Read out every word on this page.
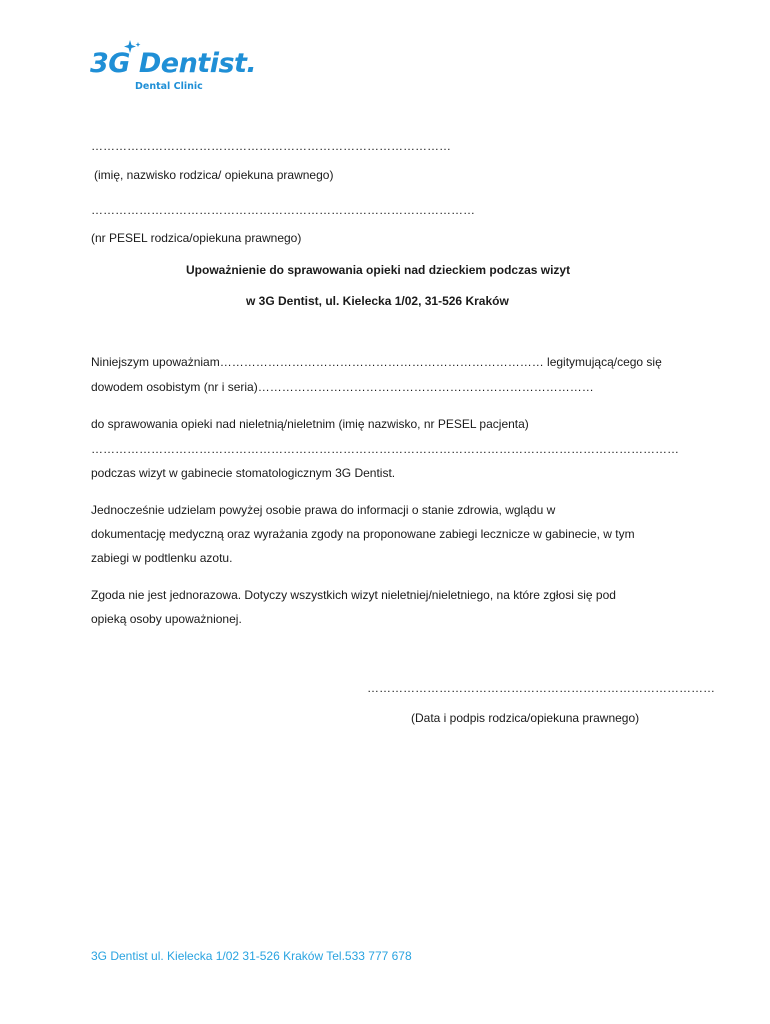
3G Dentist.

Dental Clinic

………………………………………………………………………………

(imię, nazwisko rodzica/ opiekuna prawnego)

……………………………………………………………………………………

(nr PESEL rodzica/opiekuna prawnego)

Upoważnienie do sprawowania opieki nad dzieckiem podczas wizyt

w 3G Dentist, ul. Kielecka 1/02, 31-526 Kraków

Niniejszym upoważniam……………………………………………………………………… legitymującą/cego się

dowodem osobistym (nr i seria)…………………………………………………………………………

do sprawowania opieki nad nieletnią/nieletnim (imię nazwisko, nr PESEL pacjenta)

…………………………………………………………………………………………………………………………………

podczas wizyt w gabinecie stomatologicznym 3G Dentist.

Jednocześnie udzielam powyżej osobie prawa do informacji o stanie zdrowia, wglądu w

dokumentację medyczną oraz wyrażania zgody na proponowane zabiegi lecznicze w gabinecie, w tym

zabiegi w podtlenku azotu.

Zgoda nie jest jednorazowa. Dotyczy wszystkich wizyt nieletniej/nieletniego, na które zgłosi się pod

opieką osoby upoważnionej.

……………………………………………………………………………

(Data i podpis rodzica/opiekuna prawnego)

3G Dentist ul. Kielecka 1/02 31-526 Kraków Tel.533 777 678
